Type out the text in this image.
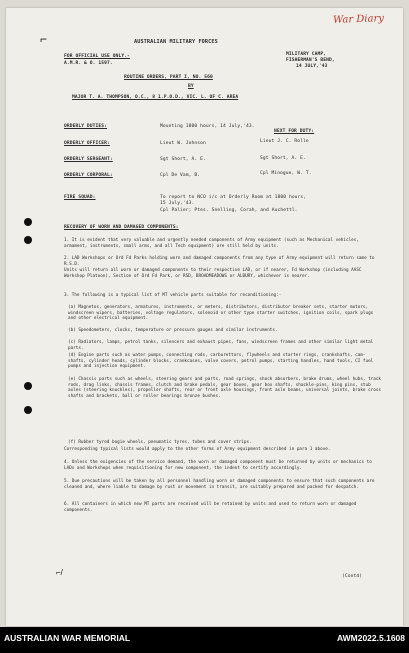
⌐
⌐/
War Diary
AUSTRALIAN MILITARY FORCES
FOR OFFICIAL USE ONLY.-
A.M.R. & O. 1597.
MILITARY CAMP,
FISHERMAN'S BEND,
14 JULY,'43
ROUTINE ORDERS, PART I, NO. 560
BY
MAJOR T. A. THOMPSON, O.C., 8 1.P.O.D., VIC. L. OF C. AREA
ORDERLY DUTIES:	Mounting 1800 hours, 14 July,'43.
NEXT FOR DUTY:
ORDERLY OFFICER:	Lieut W. Johnson	Lieut J. C. Rolle
ORDERLY SERGEANT:	Sgt Short, A. E.	Sgt Short, A. E.
ORDERLY CORPORAL:	Cpl De Vam, B.	Cpl Minogue, W. T.
FIRE SQUAD:	To report to NCO i/c at Orderly Room at 1800 hours,
15 July,'43.
Cpl Palier; Ptes. Snelling, Corah, and Auchettl.
RECOVERY OF WORN AND DAMAGED COMPONENTS:
1. It is evident that very valuable and urgently needed components of Army equipment (such as Mechanical vehicles, armament, instruments, small arms, and all Tech equipment) are still held by units.
2. LAD Workshops or Ord Fd Parks holding worn and damaged components from any type of Army equipment will return same to R.S.D.
Units will return all worn or damaged components to their respective LAD, or if nearer, Fd Workshop (including AASC Workshop Platoon), Section of Ord Fd Park, or RSD, BROADMEADOWS or ALBURY, whichever is nearer.
3. The following is a typical list of MT vehicle parts suitable for reconditioning:-
(a) Magnetos, generators, armatures, instruments, or meters, distributors, distributor breaker sets, starter motors, windscreen wipers, batteries, voltage regulators, solenoid or other type starter switches, ignition coils, spark plugs and other electrical equipment.
(b) Speedometers, clocks, temperature or pressure gauges and similar instruments.
(c) Radiators, lamps, petrol tanks, silencers and exhaust pipes, fans, windscreen frames and other similar light metal parts.
(d) Engine parts such as water pumps, connecting rods, carburettors, flywheels and starter rings, crankshafts, cam-shafts, cylinder heads, cylinder blocks, crankcases, valve covers, petrol pumps, starting handles, hand tools, CI fuel pumps and injection equipment.
(e) Chassis parts such as wheels, steering gears and parts, road springs, shock absorbers, brake drums, wheel hubs, track rods, drag links, chassis frames, clutch and brake pedals, gear boxes, gear box shafts, shackle-pins, king pins, stub axles (steering knuckles), propeller shafts, rear or front axle housings, front axle beams, universal joints, brake cross shafts and brackets, ball or roller bearings bronze bushes.
(f) Rubber tyred bogie wheels, pneumatic tyres, tubes and cover strips.
Corresponding typical lists would apply to the other forms of Army equipment described in para 1 above.
4. Unless the exigencies of the service demand, the worn or damaged component must be returned by units or mechanics to LADs and Workshops when requisitioning for new component, the indent to certify accordingly.
5. Due precautions will be taken by all personnel handling worn or damaged components to ensure that such components are cleaned and, where liable to damage by rust or movement in transit, are suitably prepared and packed for despatch.
6. All containers in which new MT parts are received will be retained by units and used to return worn or damaged components.
(Contd)
AUSTRALIAN WAR MEMORIAL	AWM2022.5.1608
